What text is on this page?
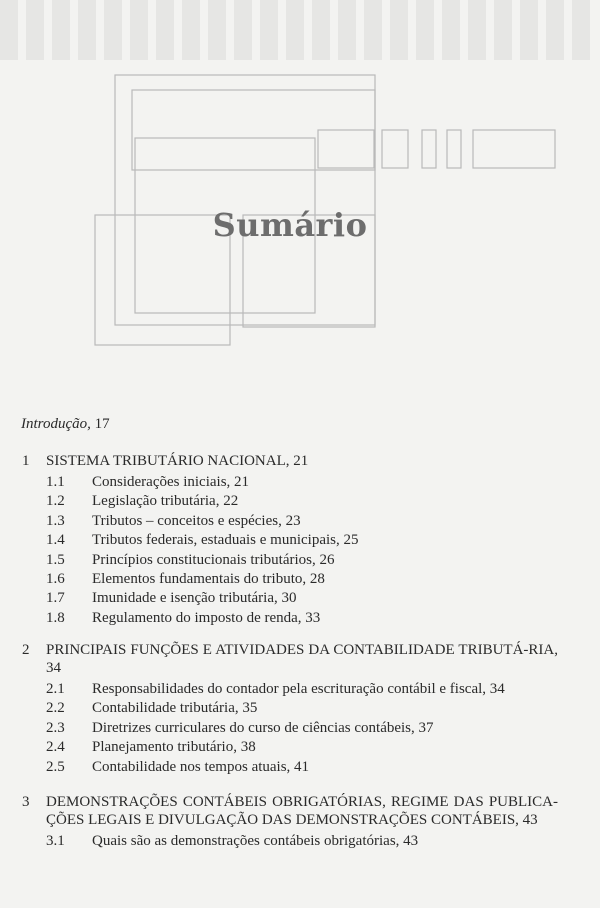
Sumário
Introdução, 17
1 SISTEMA TRIBUTÁRIO NACIONAL, 21
1.1 Considerações iniciais, 21
1.2 Legislação tributária, 22
1.3 Tributos – conceitos e espécies, 23
1.4 Tributos federais, estaduais e municipais, 25
1.5 Princípios constitucionais tributários, 26
1.6 Elementos fundamentais do tributo, 28
1.7 Imunidade e isenção tributária, 30
1.8 Regulamento do imposto de renda, 33
2 PRINCIPAIS FUNÇÕES E ATIVIDADES DA CONTABILIDADE TRIBUTÁ-RIA, 34
2.1 Responsabilidades do contador pela escrituração contábil e fiscal, 34
2.2 Contabilidade tributária, 35
2.3 Diretrizes curriculares do curso de ciências contábeis, 37
2.4 Planejamento tributário, 38
2.5 Contabilidade nos tempos atuais, 41
3 DEMONSTRAÇÕES CONTÁBEIS OBRIGATÓRIAS, REGIME DAS PUBLICA-ÇÕES LEGAIS E DIVULGAÇÃO DAS DEMONSTRAÇÕES CONTÁBEIS, 43
3.1 Quais são as demonstrações contábeis obrigatórias, 43
